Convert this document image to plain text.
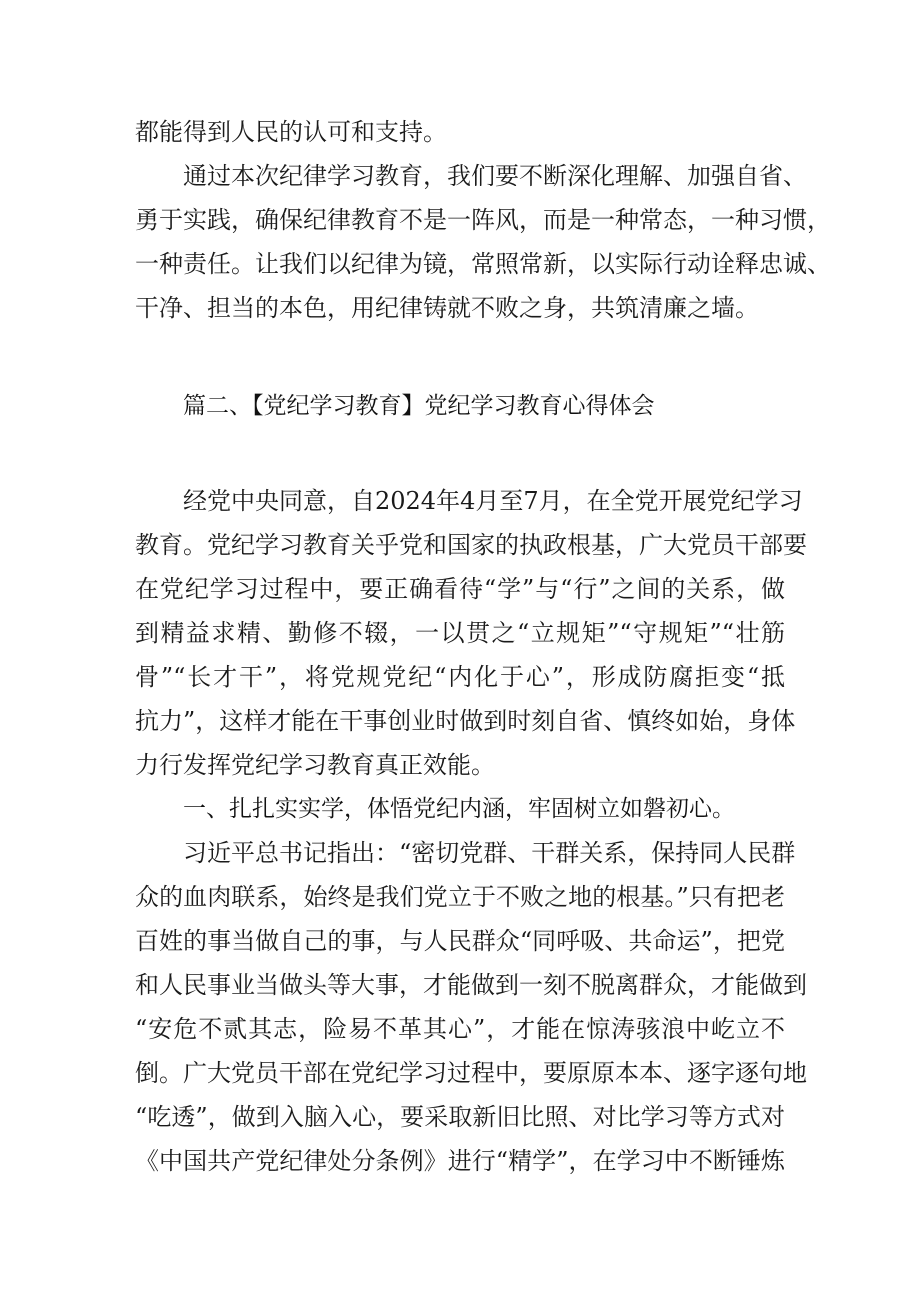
都能得到人民的认可和支持。
通过本次纪律学习教育，我们要不断深化理解、加强自省、
勇于实践，确保纪律教育不是一阵风，而是一种常态，一种习惯，
一种责任。让我们以纪律为镜，常照常新，以实际行动诠释忠诚、
干净、担当的本色，用纪律铸就不败之身，共筑清廉之墙。
篇二、【党纪学习教育】党纪学习教育心得体会
经党中央同意，自2024年4月至7月，在全党开展党纪学习
教育。党纪学习教育关乎党和国家的执政根基，广大党员干部要
在党纪学习过程中，要正确看待“学”与“行”之间的关系，做
到精益求精、勤修不辍，一以贯之“立规矩”“守规矩”“壮筋
骨”“长才干”，将党规党纪“内化于心”，形成防腐拒变“抵
抗力”，这样才能在干事创业时做到时刻自省、慎终如始，身体
力行发挥党纪学习教育真正效能。
一、扎扎实实学，体悟党纪内涵，牢固树立如磐初心。
习近平总书记指出：“密切党群、干群关系，保持同人民群
众的血肉联系，始终是我们党立于不败之地的根基。”只有把老
百姓的事当做自己的事，与人民群众“同呼吸、共命运”，把党
和人民事业当做头等大事，才能做到一刻不脱离群众，才能做到
“安危不贰其志，险易不革其心”，才能在惊涛骇浪中屹立不
倒。广大党员干部在党纪学习过程中，要原原本本、逐字逐句地
“吃透”，做到入脑入心，要采取新旧比照、对比学习等方式对
《中国共产党纪律处分条例》进行“精学”，在学习中不断锤炼
